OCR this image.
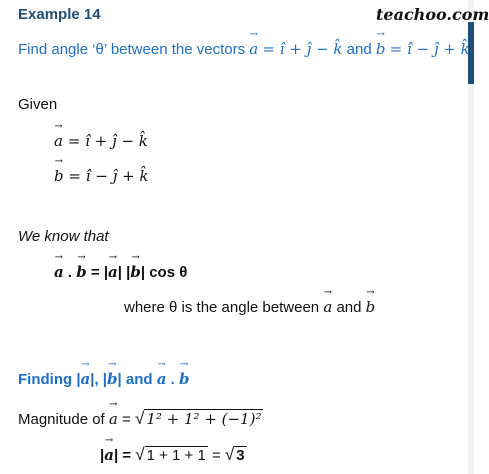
Example 14	teachoo.com
Find angle ‘θ’ between the vectors → a = î + ĵ − k̂ and → b = î − ĵ + k̂.
Given
→ a = î + ĵ − k̂
→ b = î − ĵ + k̂
We know that
→ a . → b = |→ a| |→ b| cos θ
where θ is the angle between → a and → b
Finding |→ a|, |→ b| and → a . → b
Magnitude of → a = √ 1² + 1² + (−1)²
|→ a| = √ 1 + 1 + 1 = √ 3
